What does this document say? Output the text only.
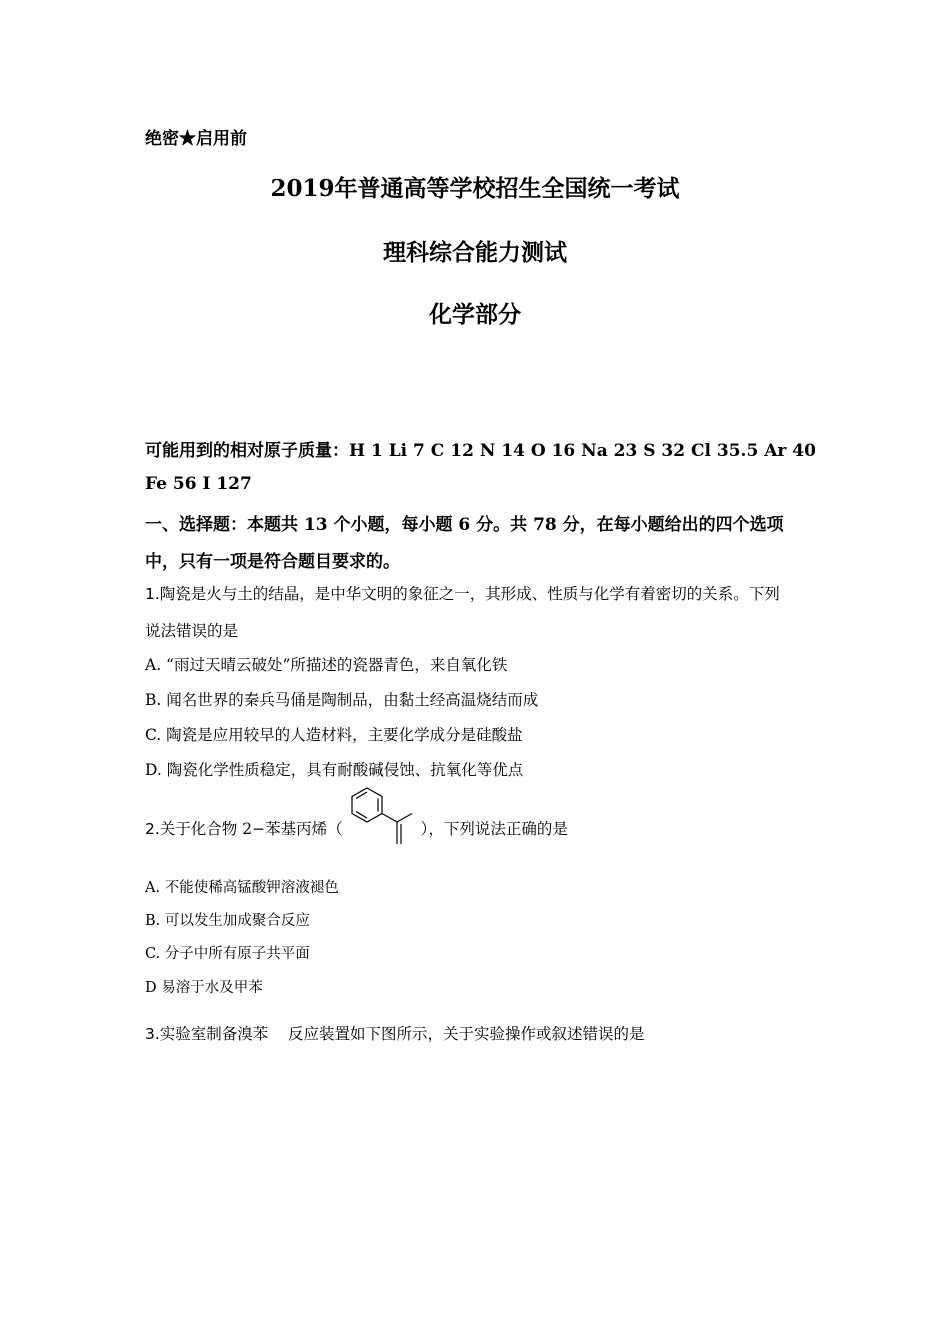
绝密★启用前
2019年普通高等学校招生全国统一考试
理科综合能力测试
化学部分
可能用到的相对原子质量：H 1 Li 7 C 12 N 14 O 16 Na 23 S 32 Cl 35.5 Ar 40
Fe 56 I 127
一、选择题：本题共 13 个小题，每小题 6 分。共 78 分，在每小题给出的四个选项
中，只有一项是符合题目要求的。
1.陶瓷是火与土的结晶，是中华文明的象征之一，其形成、性质与化学有着密切的关系。下列
说法错误的是
A. “雨过天晴云破处”所描述的瓷器青色，来自氧化铁
B. 闻名世界的秦兵马俑是陶制品，由黏土经高温烧结而成
C. 陶瓷是应用较早的人造材料，主要化学成分是硅酸盐
D. 陶瓷化学性质稳定，具有耐酸碱侵蚀、抗氧化等优点
2.关于化合物 2−苯基丙烯（	），下列说法正确的是
A. 不能使稀高锰酸钾溶液褪色
B. 可以发生加成聚合反应
C. 分子中所有原子共平面
D 易溶于水及甲苯
3.实验室制备溴苯    反应装置如下图所示，关于实验操作或叙述错误的是
